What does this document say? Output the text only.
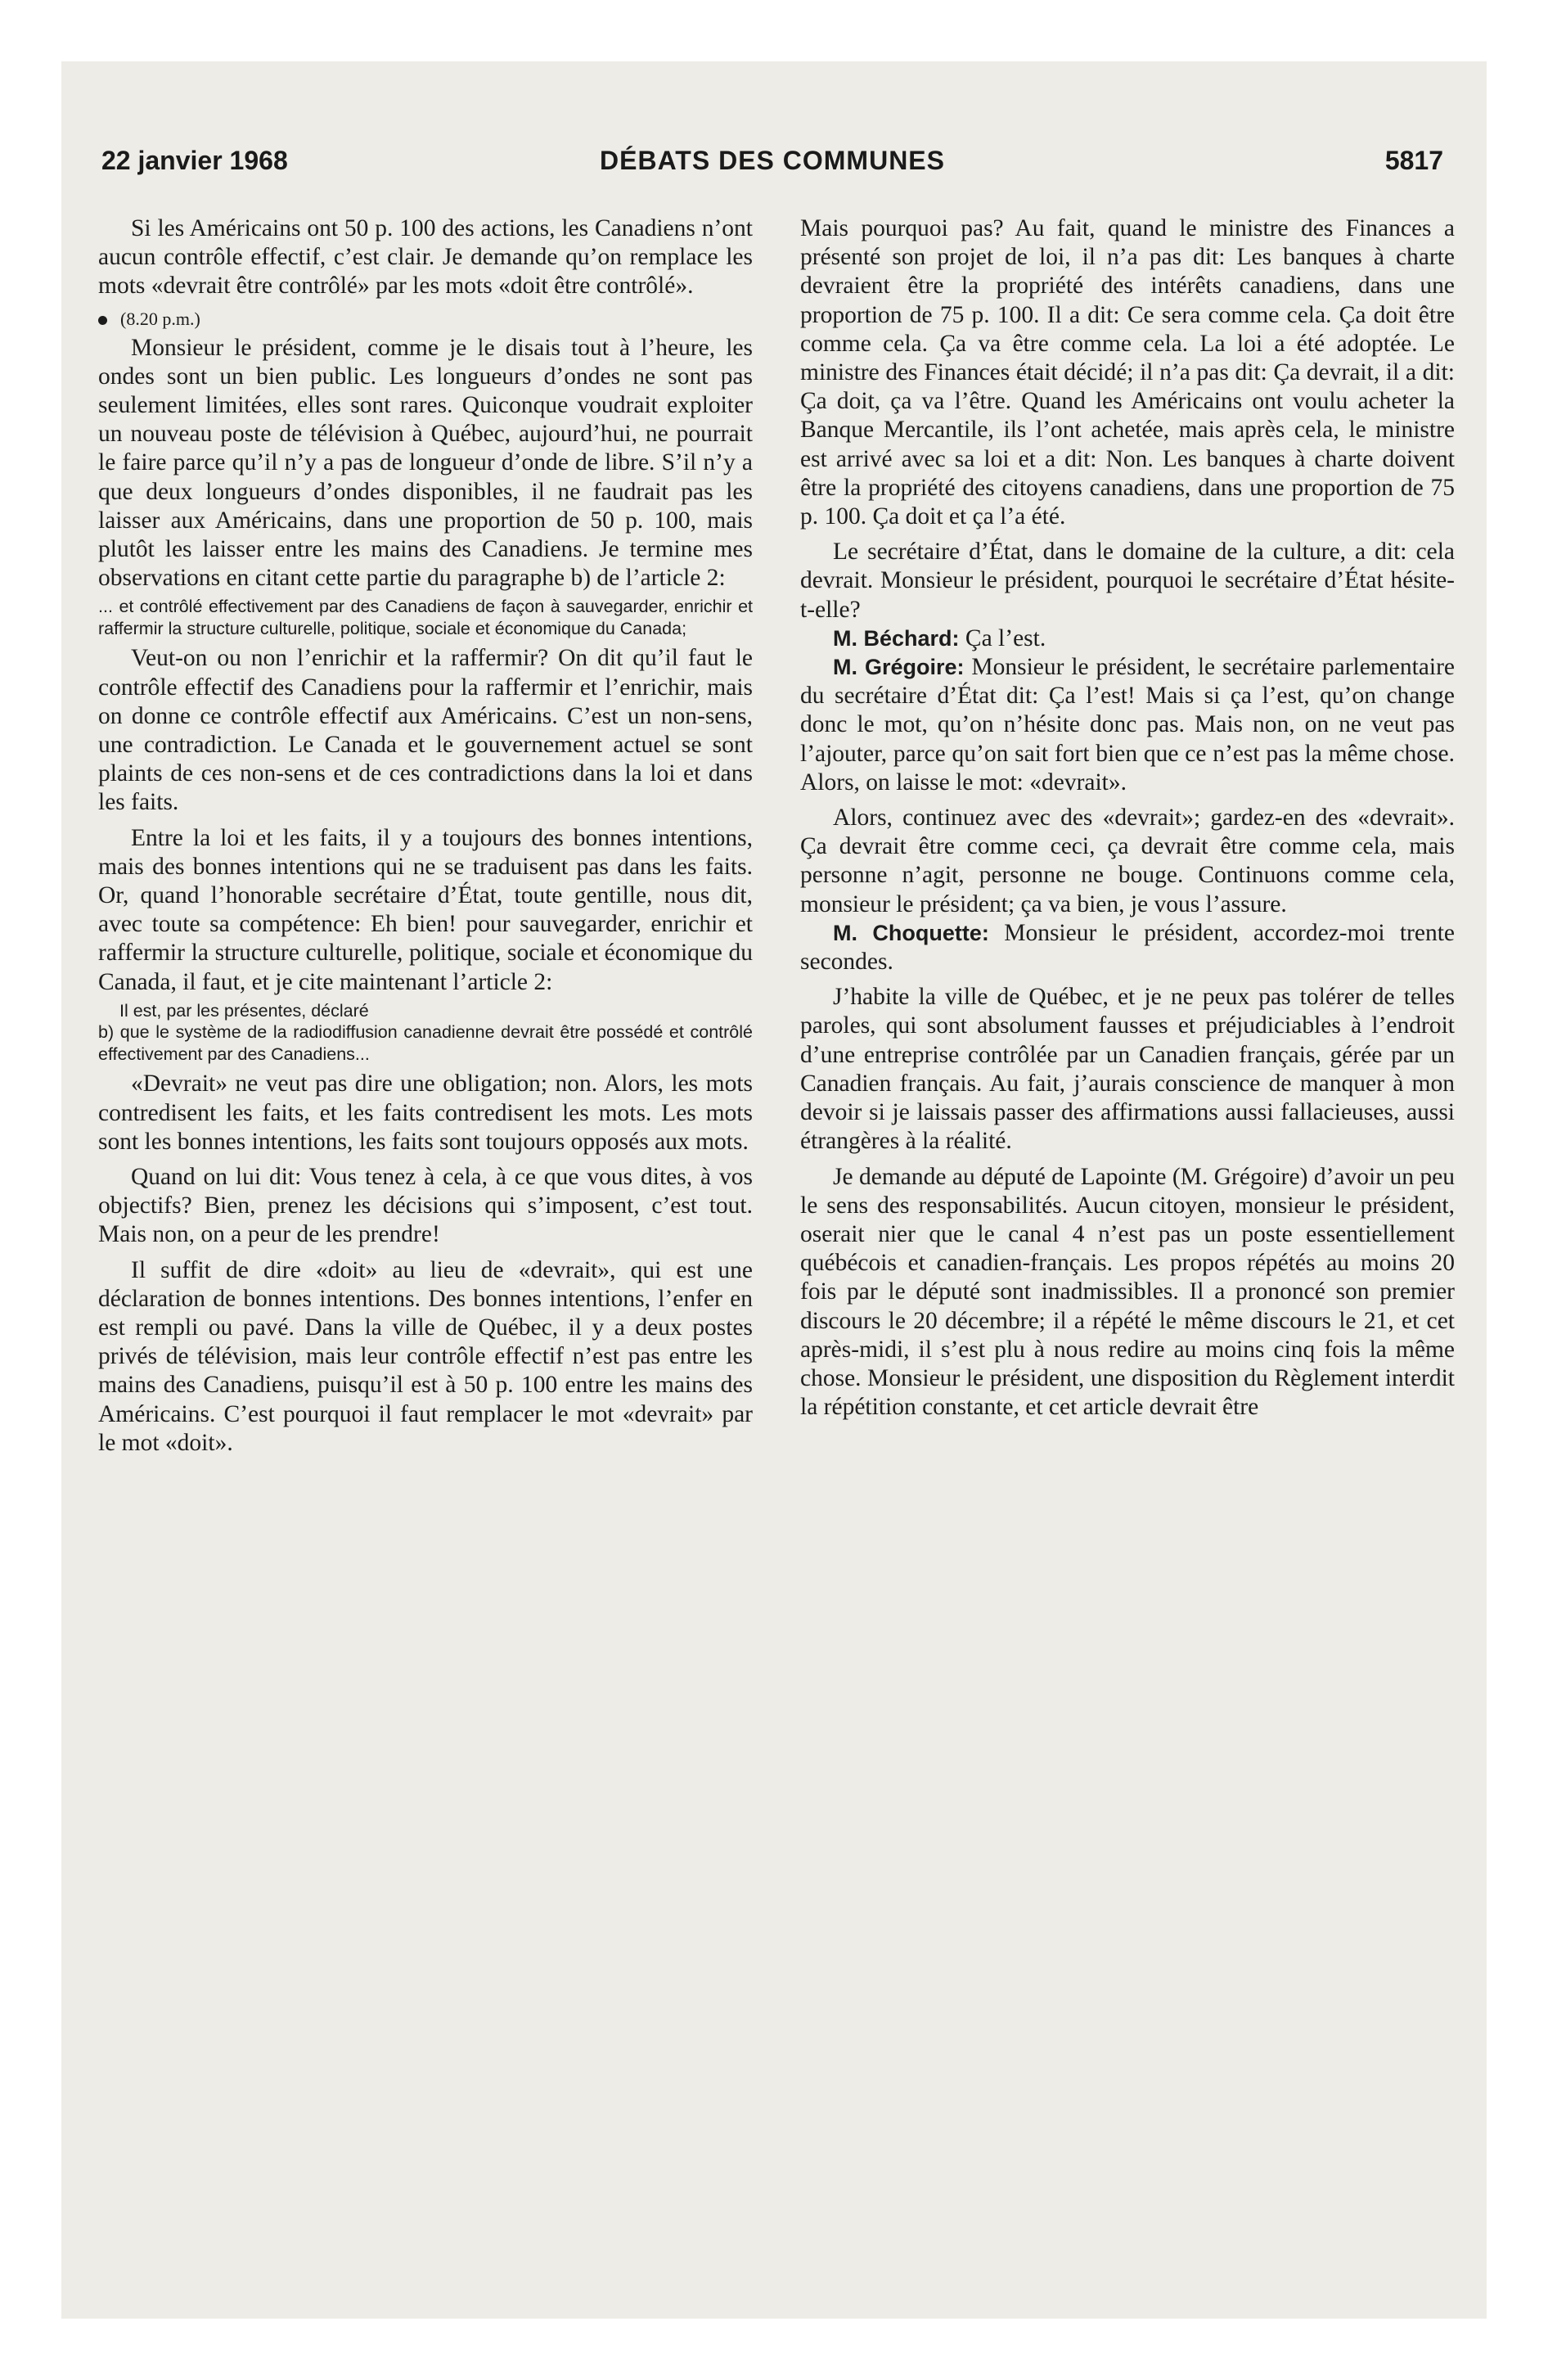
22 janvier 1968	DÉBATS DES COMMUNES	5817

Si les Américains ont 50 p. 100 des actions, les Canadiens n’ont aucun contrôle effectif, c’est clair. Je demande qu’on remplace les mots «devrait être contrôlé» par les mots «doit être contrôlé».

(8.20 p.m.)

Monsieur le président, comme je le disais tout à l’heure, les ondes sont un bien public. Les longueurs d’ondes ne sont pas seulement limitées, elles sont rares. Quiconque voudrait exploiter un nouveau poste de télévision à Québec, aujourd’hui, ne pourrait le faire parce qu’il n’y a pas de longueur d’onde de libre. S’il n’y a que deux longueurs d’ondes disponibles, il ne faudrait pas les laisser aux Américains, dans une proportion de 50 p. 100, mais plutôt les laisser entre les mains des Canadiens. Je termine mes observations en citant cette partie du paragraphe b) de l’article 2:

... et contrôlé effectivement par des Canadiens de façon à sauvegarder, enrichir et raffermir la structure culturelle, politique, sociale et économique du Canada;

Veut-on ou non l’enrichir et la raffermir? On dit qu’il faut le contrôle effectif des Canadiens pour la raffermir et l’enrichir, mais on donne ce contrôle effectif aux Américains. C’est un non-sens, une contradiction. Le Canada et le gouvernement actuel se sont plaints de ces non-sens et de ces contradictions dans la loi et dans les faits.

Entre la loi et les faits, il y a toujours des bonnes intentions, mais des bonnes intentions qui ne se traduisent pas dans les faits. Or, quand l’honorable secrétaire d’État, toute gentille, nous dit, avec toute sa compétence: Eh bien! pour sauvegarder, enrichir et raffermir la structure culturelle, politique, sociale et économique du Canada, il faut, et je cite maintenant l’article 2:

Il est, par les présentes, déclaré

b) que le système de la radiodiffusion canadienne devrait être possédé et contrôlé effectivement par des Canadiens...

«Devrait» ne veut pas dire une obligation; non. Alors, les mots contredisent les faits, et les faits contredisent les mots. Les mots sont les bonnes intentions, les faits sont toujours opposés aux mots.

Quand on lui dit: Vous tenez à cela, à ce que vous dites, à vos objectifs? Bien, prenez les décisions qui s’imposent, c’est tout. Mais non, on a peur de les prendre!

Il suffit de dire «doit» au lieu de «devrait», qui est une déclaration de bonnes intentions. Des bonnes intentions, l’enfer en est rempli ou pavé. Dans la ville de Québec, il y a deux postes privés de télévision, mais leur contrôle effectif n’est pas entre les mains des Canadiens, puisqu’il est à 50 p. 100 entre les mains des Américains. C’est pourquoi il faut remplacer le mot «devrait» par le mot «doit».

Mais pourquoi pas? Au fait, quand le ministre des Finances a présenté son projet de loi, il n’a pas dit: Les banques à charte devraient être la propriété des intérêts canadiens, dans une proportion de 75 p. 100. Il a dit: Ce sera comme cela. Ça doit être comme cela. Ça va être comme cela. La loi a été adoptée. Le ministre des Finances était décidé; il n’a pas dit: Ça devrait, il a dit: Ça doit, ça va l’être. Quand les Américains ont voulu acheter la Banque Mercantile, ils l’ont achetée, mais après cela, le ministre est arrivé avec sa loi et a dit: Non. Les banques à charte doivent être la propriété des citoyens canadiens, dans une proportion de 75 p. 100. Ça doit et ça l’a été.

Le secrétaire d’État, dans le domaine de la culture, a dit: cela devrait. Monsieur le président, pourquoi le secrétaire d’État hésite-t-elle?

M. Béchard: Ça l’est.

M. Grégoire: Monsieur le président, le secrétaire parlementaire du secrétaire d’État dit: Ça l’est! Mais si ça l’est, qu’on change donc le mot, qu’on n’hésite donc pas. Mais non, on ne veut pas l’ajouter, parce qu’on sait fort bien que ce n’est pas la même chose. Alors, on laisse le mot: «devrait».

Alors, continuez avec des «devrait»; gardez-en des «devrait». Ça devrait être comme ceci, ça devrait être comme cela, mais personne n’agit, personne ne bouge. Continuons comme cela, monsieur le président; ça va bien, je vous l’assure.

M. Choquette: Monsieur le président, accordez-moi trente secondes.

J’habite la ville de Québec, et je ne peux pas tolérer de telles paroles, qui sont absolument fausses et préjudiciables à l’endroit d’une entreprise contrôlée par un Canadien français, gérée par un Canadien français. Au fait, j’aurais conscience de manquer à mon devoir si je laissais passer des affirmations aussi fallacieuses, aussi étrangères à la réalité.

Je demande au député de Lapointe (M. Grégoire) d’avoir un peu le sens des responsabilités. Aucun citoyen, monsieur le président, oserait nier que le canal 4 n’est pas un poste essentiellement québécois et canadien-français. Les propos répétés au moins 20 fois par le député sont inadmissibles. Il a prononcé son premier discours le 20 décembre; il a répété le même discours le 21, et cet après-midi, il s’est plu à nous redire au moins cinq fois la même chose. Monsieur le président, une disposition du Règlement interdit la répétition constante, et cet article devrait être
